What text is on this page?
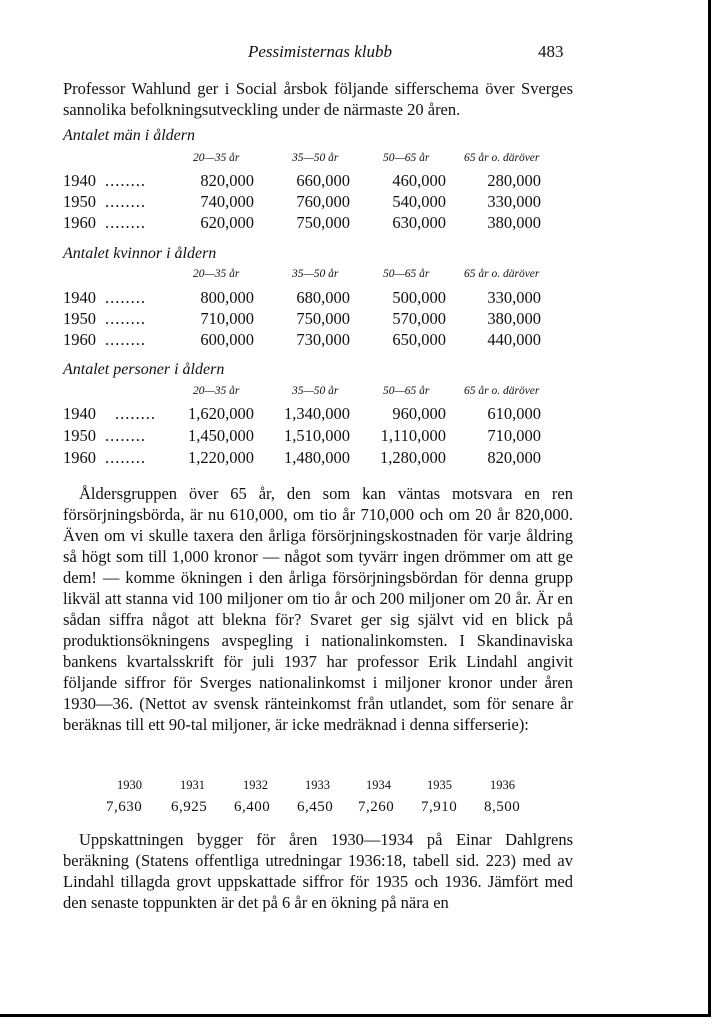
Pessimisternas klubb	483

Professor Wahlund ger i Social årsbok följande sifferschema över Sverges sannolika befolkningsutveckling under de närmaste 20 åren.

Antalet män i åldern
20—35 år	35—50 år	50—65 år	65 år o. däröver
1940 ........	820,000	660,000	460,000	280,000
1950 ........	740,000	760,000	540,000	330,000
1960 ........	620,000	750,000	630,000	380,000
Antalet kvinnor i åldern
20—35 år	35—50 år	50—65 år	65 år o. däröver
1940 ........	800,000	680,000	500,000	330,000
1950 ........	710,000	750,000	570,000	380,000
1960 ........	600,000	730,000	650,000	440,000
Antalet personer i åldern
20—35 år	35—50 år	50—65 år	65 år o. däröver
1940 ........	1,620,000	1,340,000	960,000	610,000
1950 ........	1,450,000	1,510,000	1,110,000	710,000
1960 ........	1,220,000	1,480,000	1,280,000	820,000

Åldersgruppen över 65 år, den som kan väntas motsvara en ren försörjningsbörda, är nu 610,000, om tio år 710,000 och om 20 år 820,000. Även om vi skulle taxera den årliga försörjningskostnaden för varje åldring så högt som till 1,000 kronor — något som tyvärr ingen drömmer om att ge dem! — komme ökningen i den årliga försörjningsbördan för denna grupp likväl att stanna vid 100 miljoner om tio år och 200 miljoner om 20 år. Är en sådan siffra något att blekna för? Svaret ger sig självt vid en blick på produktionsökningens avspegling i nationalinkomsten. I Skandinaviska bankens kvartalsskrift för juli 1937 har professor Erik Lindahl angivit följande siffror för Sverges nationalinkomst i miljoner kronor under åren 1930—36. (Nettot av svensk ränteinkomst från utlandet, som för senare år beräknas till ett 90-tal miljoner, är icke medräknad i denna sifferserie):

1930	1931	1932	1933	1934	1935	1936
7,630 6,925 6,400 6,450 7,260 7,910 8,500

Uppskattningen bygger för åren 1930—1934 på Einar Dahlgrens beräkning (Statens offentliga utredningar 1936:18, tabell sid. 223) med av Lindahl tillagda grovt uppskattade siffror för 1935 och 1936. Jämfört med den senaste toppunkten är det på 6 år en ökning på nära en
